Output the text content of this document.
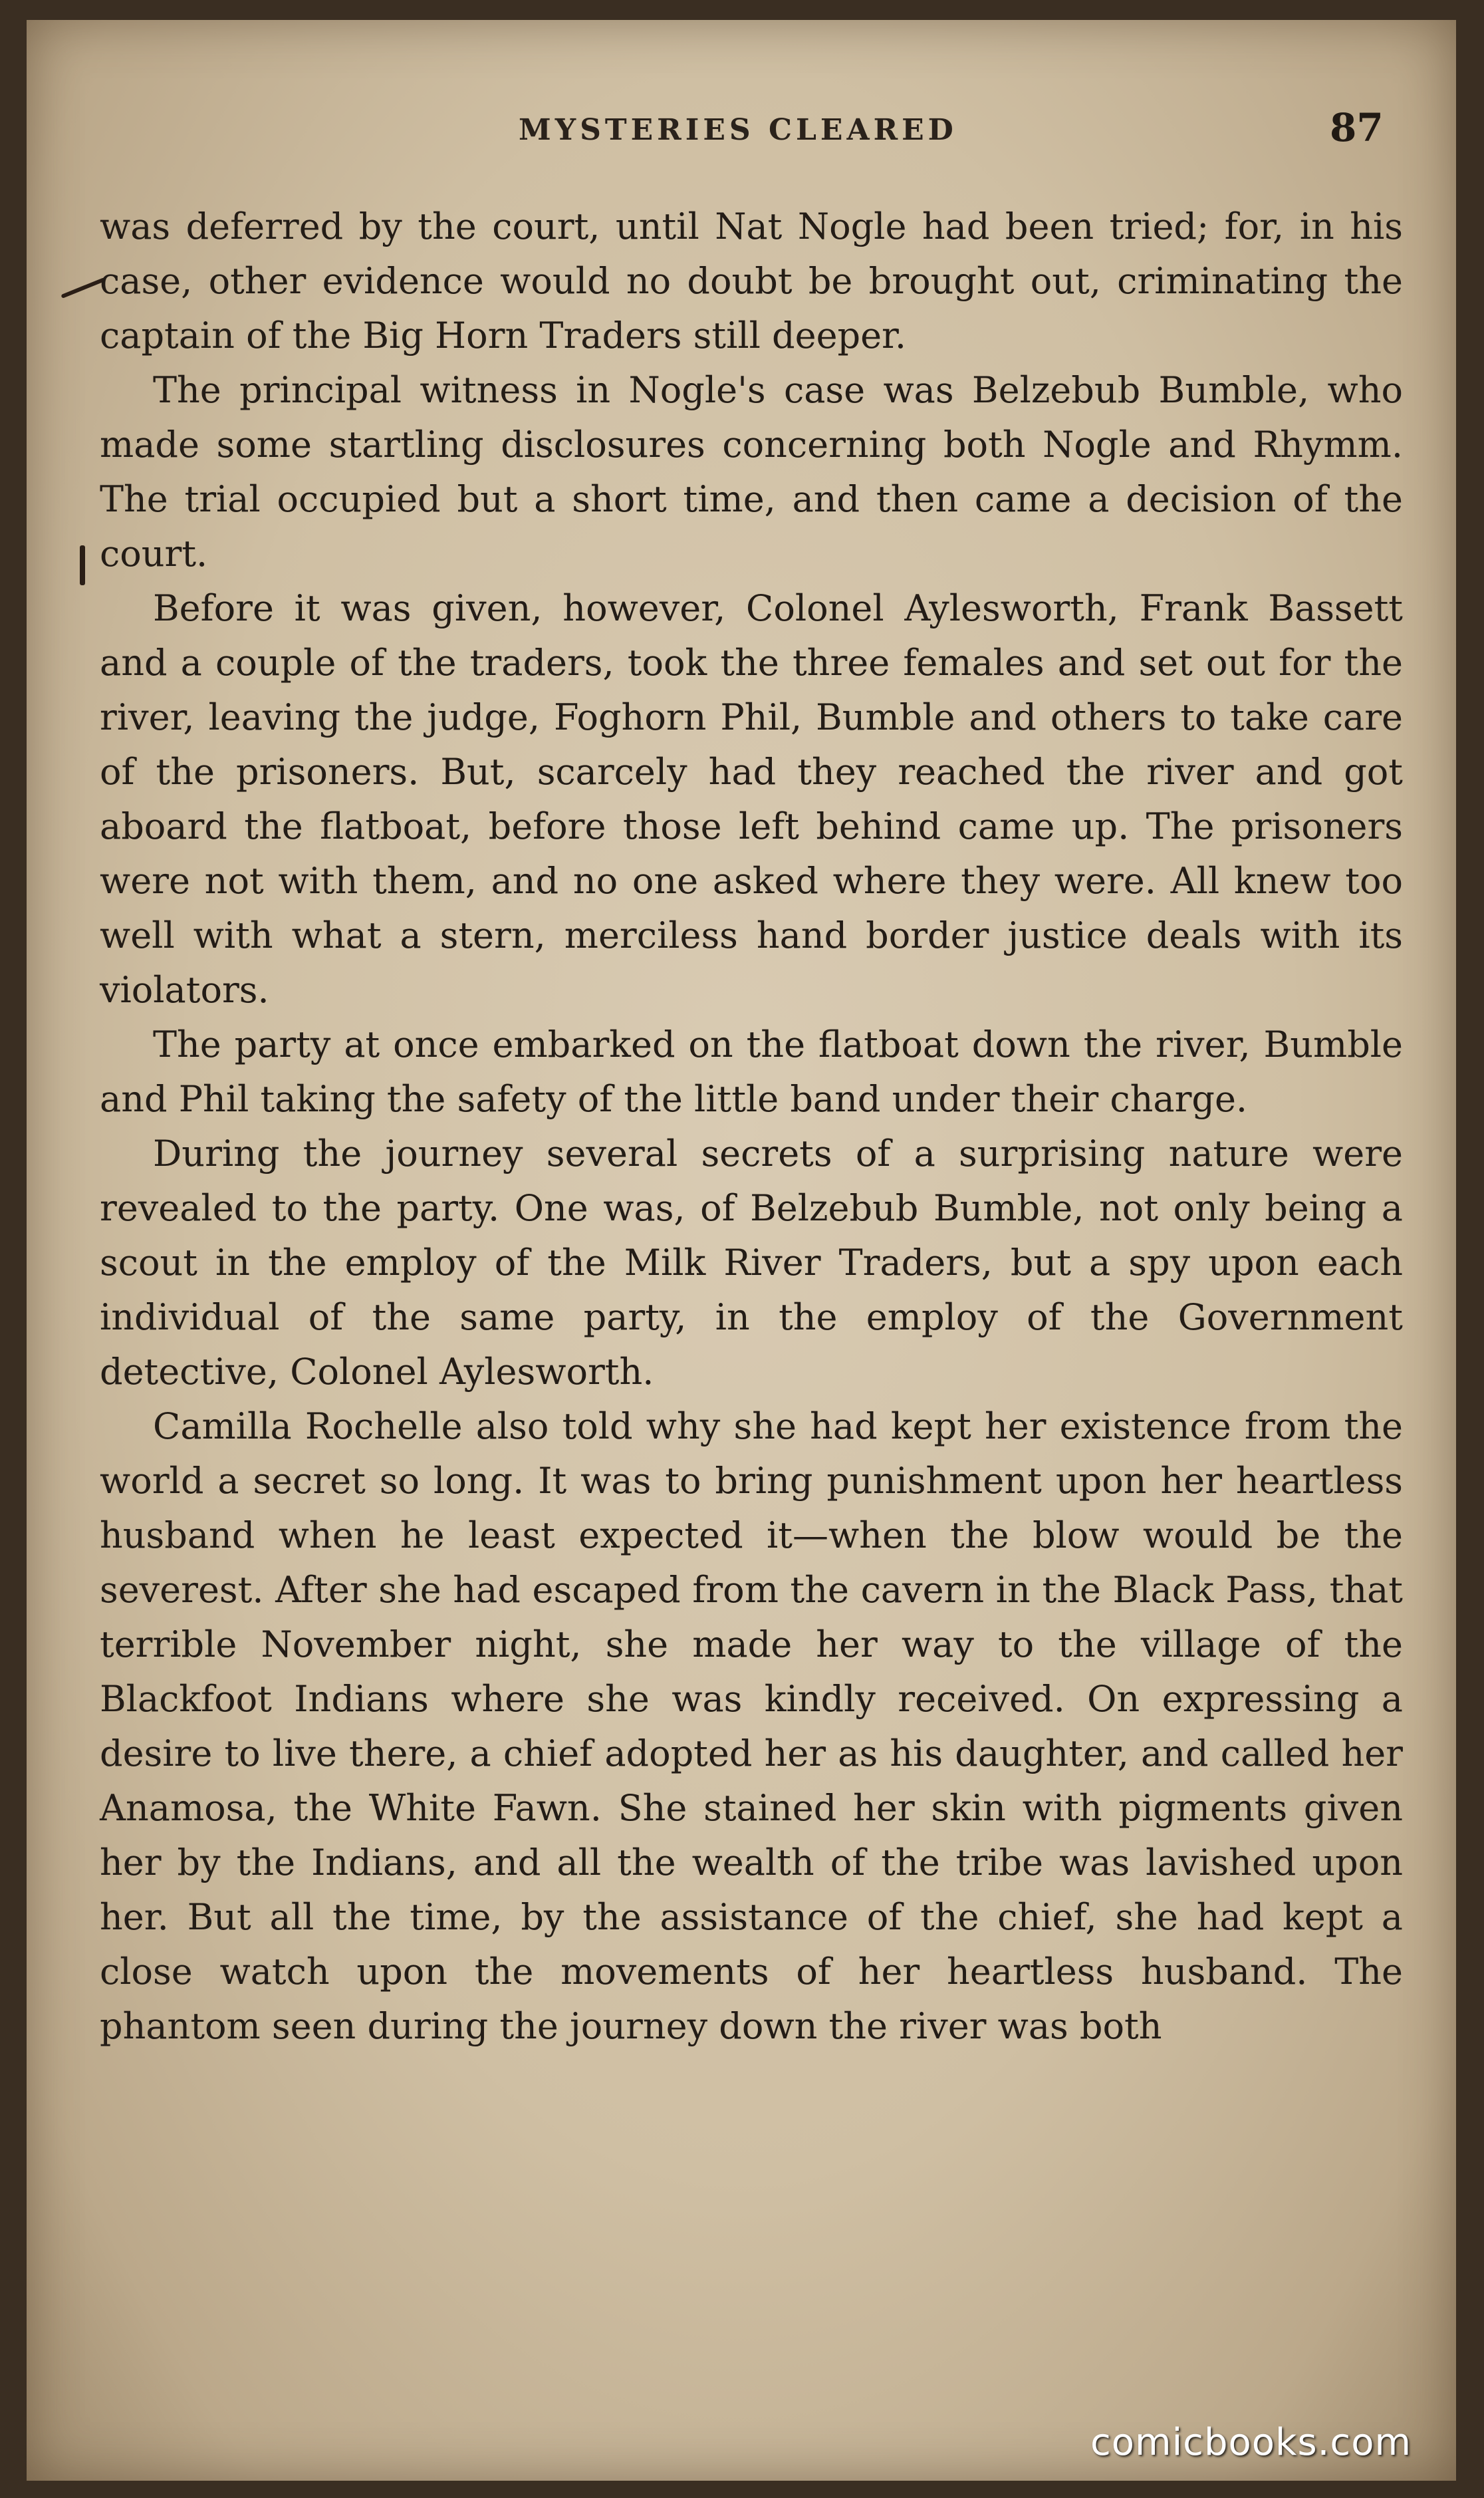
MYSTERIES CLEARED	87

was deferred by the court, until Nat Nogle had been tried; for, in his case, other evidence would no doubt be brought out, criminating the captain of the Big Horn Traders still deeper.

The principal witness in Nogle's case was Belzebub Bumble, who made some startling disclosures concerning both Nogle and Rhymm. The trial occupied but a short time, and then came a decision of the court.

Before it was given, however, Colonel Aylesworth, Frank Bassett and a couple of the traders, took the three females and set out for the river, leaving the judge, Foghorn Phil, Bumble and others to take care of the prisoners. But, scarcely had they reached the river and got aboard the flatboat, before those left behind came up. The prisoners were not with them, and no one asked where they were. All knew too well with what a stern, merciless hand border justice deals with its violators.

The party at once embarked on the flatboat down the river, Bumble and Phil taking the safety of the little band under their charge.

During the journey several secrets of a surprising nature were revealed to the party. One was, of Belzebub Bumble, not only being a scout in the employ of the Milk River Traders, but a spy upon each individual of the same party, in the employ of the Government detective, Colonel Aylesworth.

Camilla Rochelle also told why she had kept her existence from the world a secret so long. It was to bring punishment upon her heartless husband when he least expected it—when the blow would be the severest. After she had escaped from the cavern in the Black Pass, that terrible November night, she made her way to the village of the Blackfoot Indians where she was kindly received. On expressing a desire to live there, a chief adopted her as his daughter, and called her Anamosa, the White Fawn. She stained her skin with pigments given her by the Indians, and all the wealth of the tribe was lavished upon her. But all the time, by the assistance of the chief, she had kept a close watch upon the movements of her heartless husband. The phantom seen during the journey down the river was both

comicbooks.com
